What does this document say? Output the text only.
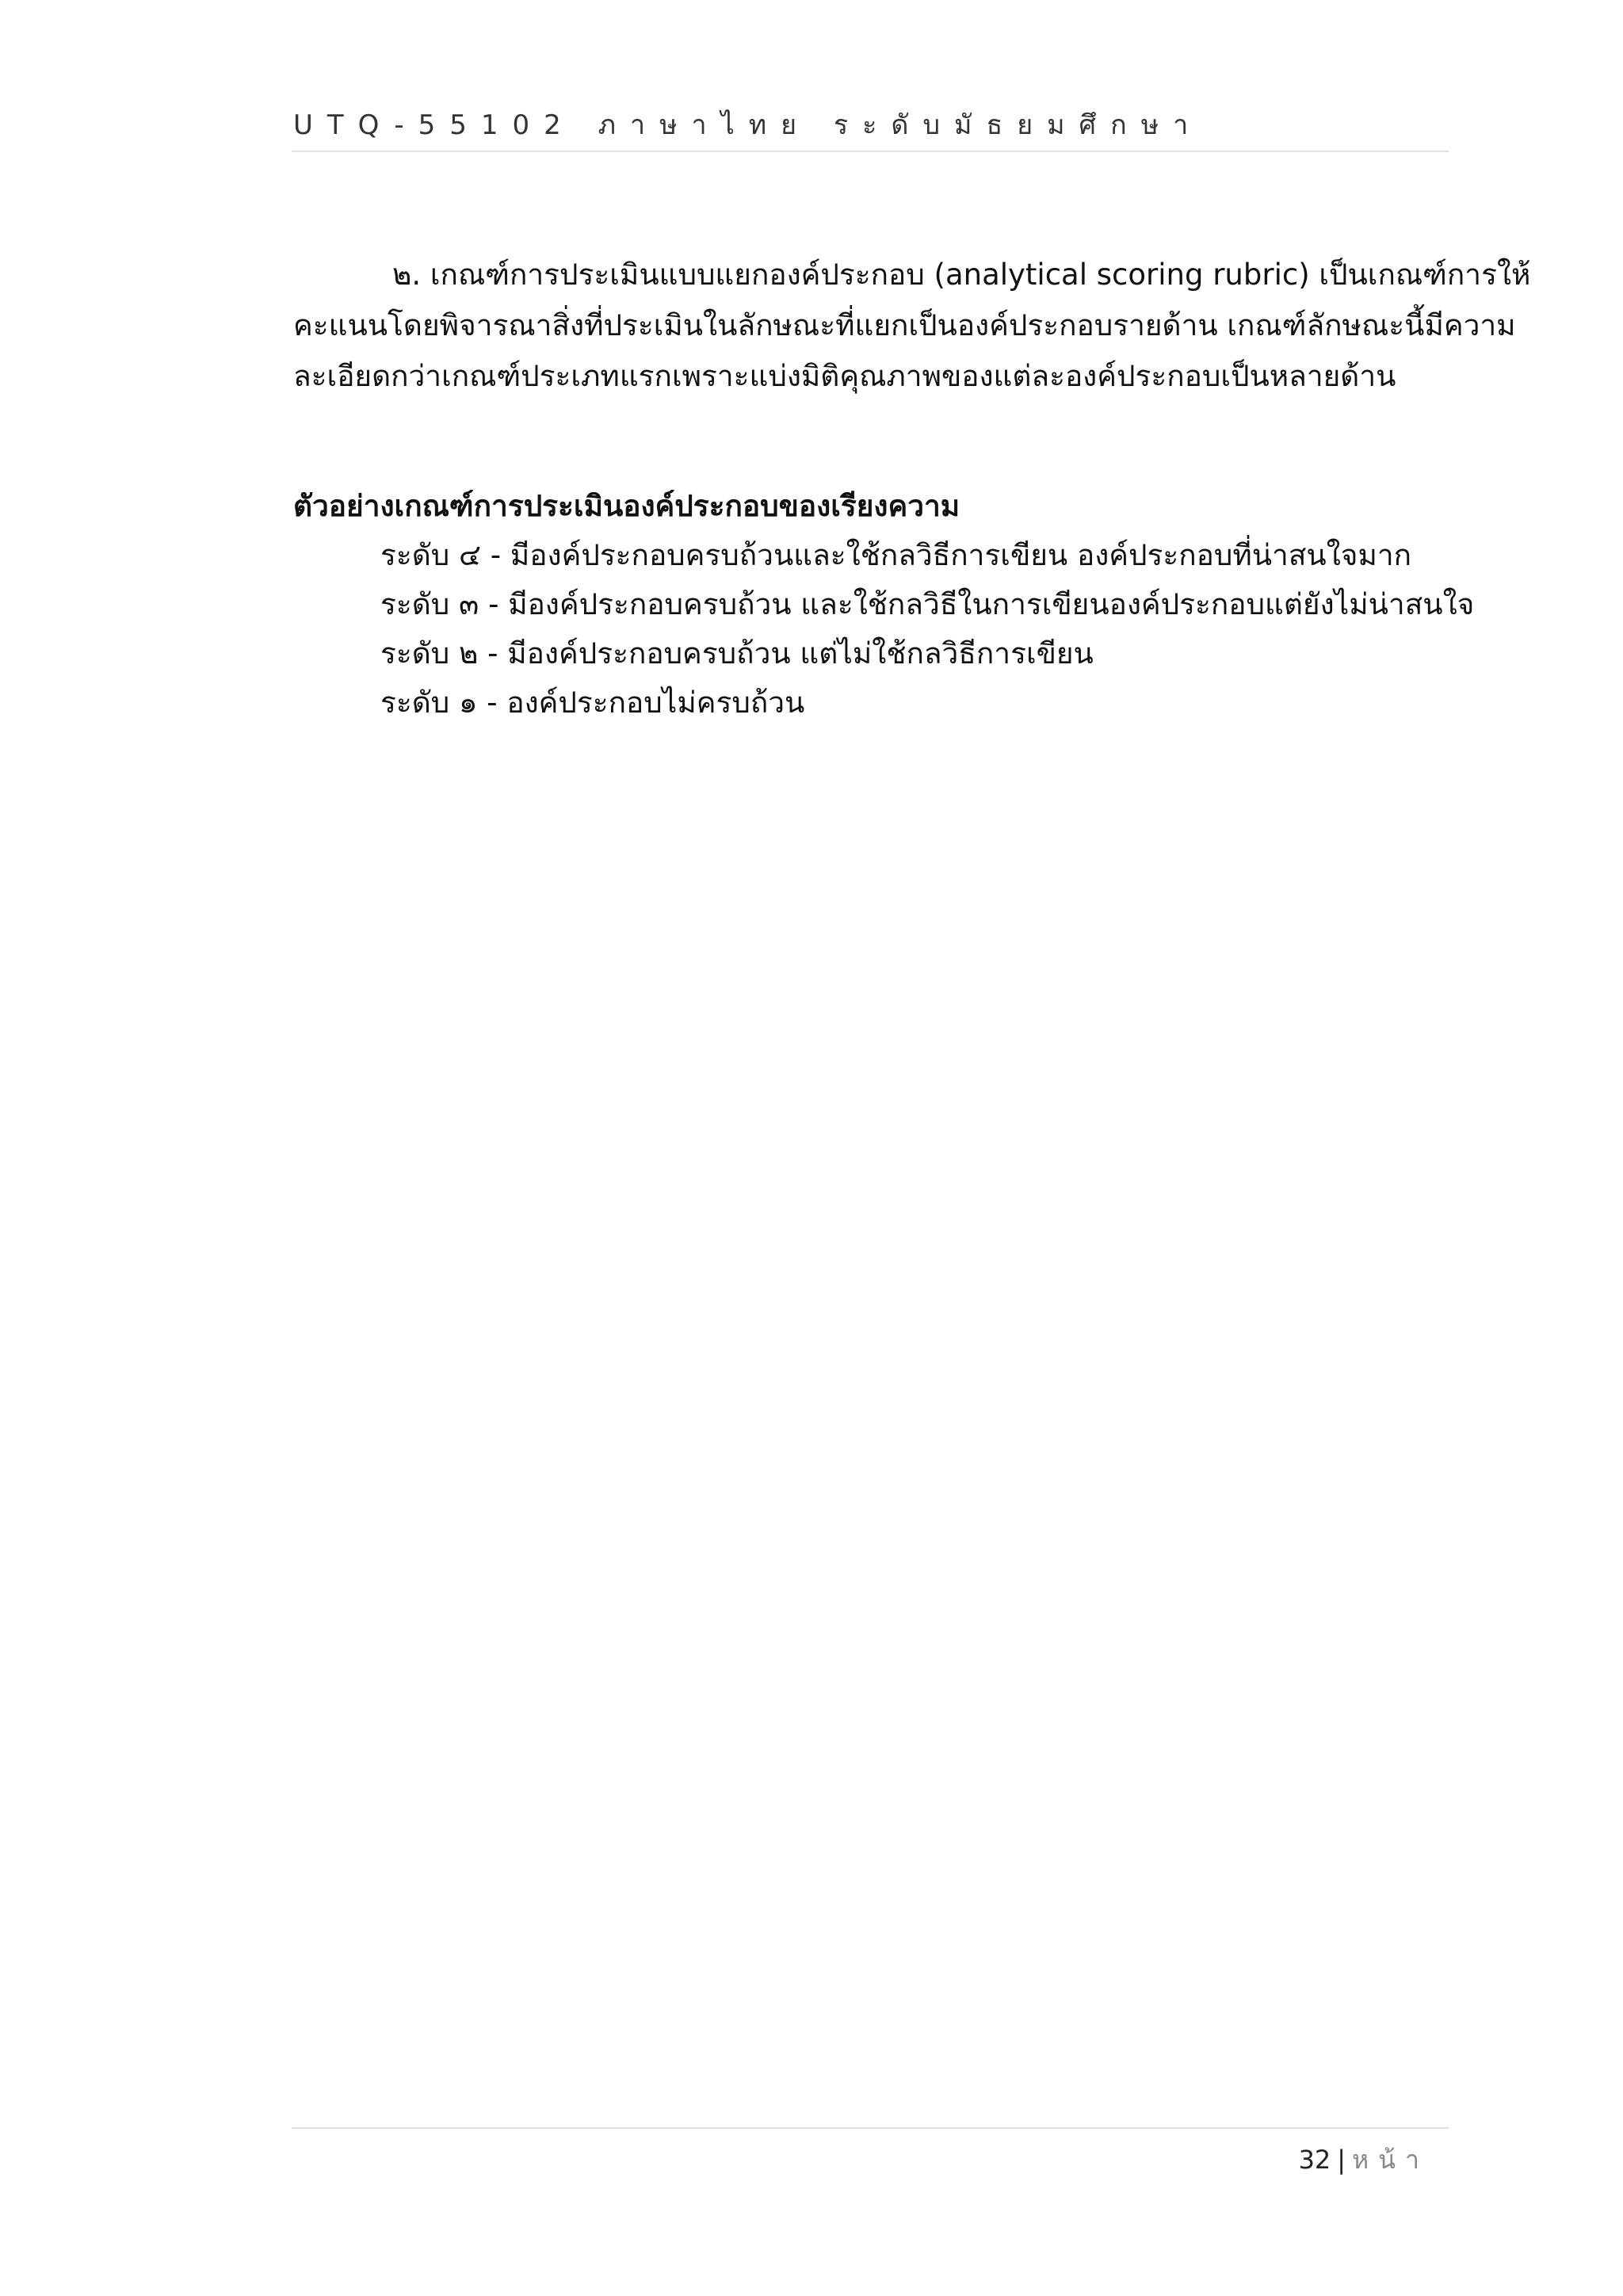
UTQ-55102 ภาษาไทย ระดับมัธยมศึกษา
๒. เกณฑ์การประเมินแบบแยกองค์ประกอบ (analytical scoring rubric) เป็นเกณฑ์การให้
คะแนนโดยพิจารณาสิ่งที่ประเมินในลักษณะที่แยกเป็นองค์ประกอบรายด้าน เกณฑ์ลักษณะนี้มีความ
ละเอียดกว่าเกณฑ์ประเภทแรกเพราะแบ่งมิติคุณภาพของแต่ละองค์ประกอบเป็นหลายด้าน
ตัวอย่างเกณฑ์การประเมินองค์ประกอบของเรียงความ
ระดับ ๔ - มีองค์ประกอบครบถ้วนและใช้กลวิธีการเขียน องค์ประกอบที่น่าสนใจมาก
ระดับ ๓ - มีองค์ประกอบครบถ้วน และใช้กลวิธีในการเขียนองค์ประกอบแต่ยังไม่น่าสนใจ
ระดับ ๒ - มีองค์ประกอบครบถ้วน แต่ไม่ใช้กลวิธีการเขียน
ระดับ ๑ - องค์ประกอบไม่ครบถ้วน
32 | หน้า
